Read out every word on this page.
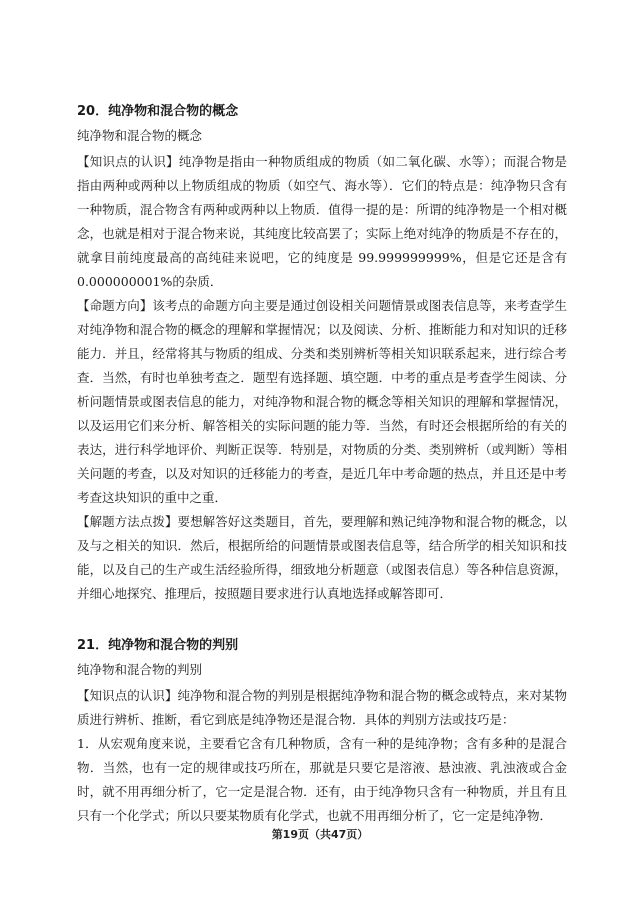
20．纯净物和混合物的概念
纯净物和混合物的概念

【知识点的认识】纯净物是指由一种物质组成的物质（如二氧化碳、水等）；而混合物是指由两种或两种以上物质组成的物质（如空气、海水等）．它们的特点是：纯净物只含有一种物质，混合物含有两种或两种以上物质．值得一提的是：所谓的纯净物是一个相对概念，也就是相对于混合物来说，其纯度比较高罢了；实际上绝对纯净的物质是不存在的，就拿目前纯度最高的高纯硅来说吧，它的纯度是 99.999999999%，但是它还是含有 0.000000001%的杂质．

【命题方向】该考点的命题方向主要是通过创设相关问题情景或图表信息等，来考查学生对纯净物和混合物的概念的理解和掌握情况；以及阅读、分析、推断能力和对知识的迁移能力．并且，经常将其与物质的组成、分类和类别辨析等相关知识联系起来，进行综合考查．当然，有时也单独考查之．题型有选择题、填空题．中考的重点是考查学生阅读、分析问题情景或图表信息的能力，对纯净物和混合物的概念等相关知识的理解和掌握情况，以及运用它们来分析、解答相关的实际问题的能力等．当然，有时还会根据所给的有关的表达，进行科学地评价、判断正误等．特别是，对物质的分类、类别辨析（或判断）等相关问题的考查，以及对知识的迁移能力的考查，是近几年中考命题的热点，并且还是中考考查这块知识的重中之重．

【解题方法点拨】要想解答好这类题目，首先，要理解和熟记纯净物和混合物的概念，以及与之相关的知识．然后，根据所给的问题情景或图表信息等，结合所学的相关知识和技能，以及自己的生产或生活经验所得，细致地分析题意（或图表信息）等各种信息资源，并细心地探究、推理后，按照题目要求进行认真地选择或解答即可．

21．纯净物和混合物的判别
纯净物和混合物的判别

【知识点的认识】纯净物和混合物的判别是根据纯净物和混合物的概念或特点，来对某物质进行辨析、推断，看它到底是纯净物还是混合物．具体的判别方法或技巧是：

1．从宏观角度来说，主要看它含有几种物质，含有一种的是纯净物；含有多种的是混合物．当然，也有一定的规律或技巧所在，那就是只要它是溶液、悬浊液、乳浊液或合金时，就不用再细分析了，它一定是混合物．还有，由于纯净物只含有一种物质，并且有且只有一个化学式；所以只要某物质有化学式，也就不用再细分析了，它一定是纯净物．

第19页（共47页）
